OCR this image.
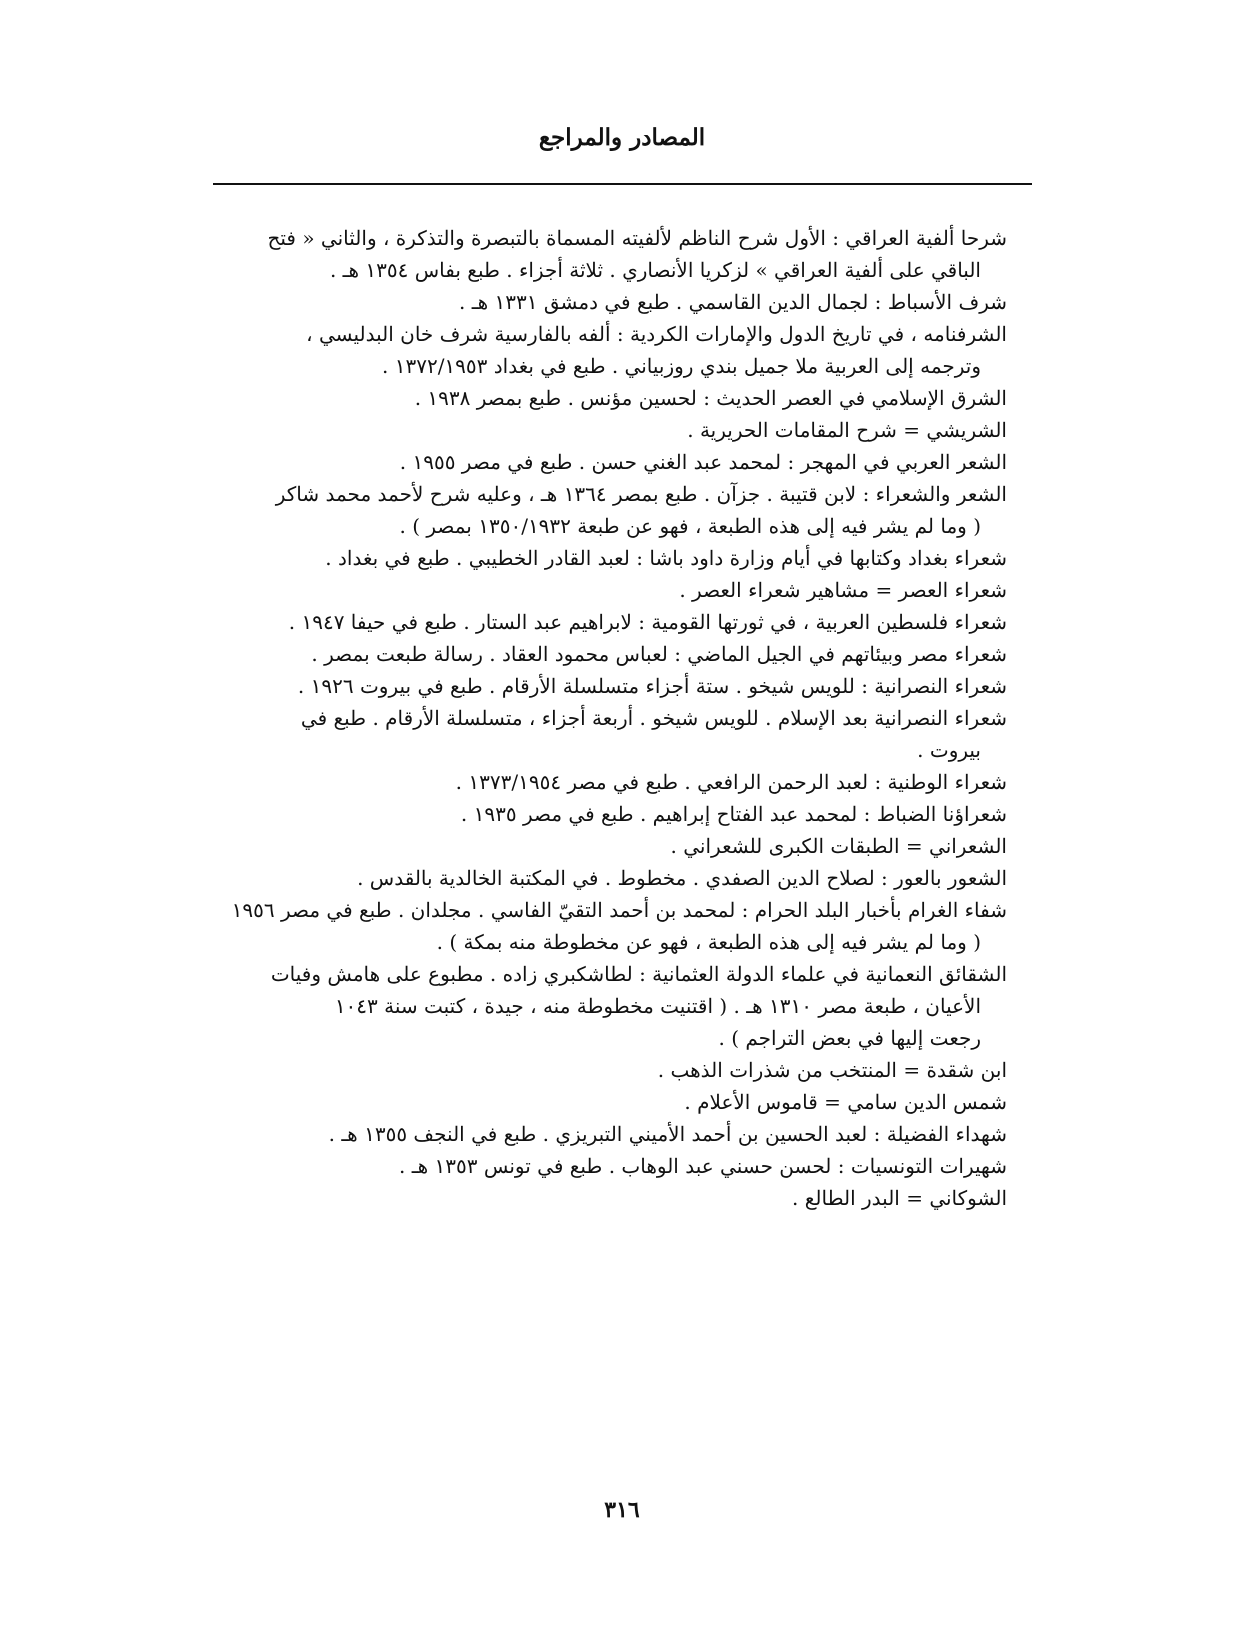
المصادر والمراجع
شرحا ألفية العراقي : الأول شرح الناظم لألفيته المسماة بالتبصرة والتذكرة ، والثاني « فتح
الباقي على ألفية العراقي » لزكريا الأنصاري . ثلاثة أجزاء . طبع بفاس ١٣٥٤ هـ .
شرف الأسباط : لجمال الدين القاسمي . طبع في دمشق ١٣٣١ هـ .
الشرفنامه ، في تاريخ الدول والإمارات الكردية : ألفه بالفارسية شرف خان البدليسي ،
وترجمه إلى العربية ملا جميل بندي روزبياني . طبع في بغداد ١٣٧٢/١٩٥٣ .
الشرق الإسلامي في العصر الحديث : لحسين مؤنس . طبع بمصر ١٩٣٨ .
الشريشي = شرح المقامات الحريرية .
الشعر العربي في المهجر : لمحمد عبد الغني حسن . طبع في مصر ١٩٥٥ .
الشعر والشعراء : لابن قتيبة . جزآن . طبع بمصر ١٣٦٤ هـ ، وعليه شرح لأحمد محمد شاكر
( وما لم يشر فيه إلى هذه الطبعة ، فهو عن طبعة ١٣٥٠/١٩٣٢ بمصر ) .
شعراء بغداد وكتابها في أيام وزارة داود باشا : لعبد القادر الخطيبي . طبع في بغداد .
شعراء العصر = مشاهير شعراء العصر .
شعراء فلسطين العربية ، في ثورتها القومية : لابراهيم عبد الستار . طبع في حيفا ١٩٤٧ .
شعراء مصر وبيئاتهم في الجيل الماضي : لعباس محمود العقاد . رسالة طبعت بمصر .
شعراء النصرانية : للويس شيخو . ستة أجزاء متسلسلة الأرقام . طبع في بيروت ١٩٢٦ .
شعراء النصرانية بعد الإسلام . للويس شيخو . أربعة أجزاء ، متسلسلة الأرقام . طبع في
بيروت .
شعراء الوطنية : لعبد الرحمن الرافعي . طبع في مصر ١٣٧٣/١٩٥٤ .
شعراؤنا الضباط : لمحمد عبد الفتاح إبراهيم . طبع في مصر ١٩٣٥ .
الشعراني = الطبقات الكبرى للشعراني .
الشعور بالعور : لصلاح الدين الصفدي . مخطوط . في المكتبة الخالدية بالقدس .
شفاء الغرام بأخبار البلد الحرام : لمحمد بن أحمد التقيّ الفاسي . مجلدان . طبع في مصر ١٩٥٦
( وما لم يشر فيه إلى هذه الطبعة ، فهو عن مخطوطة منه بمكة ) .
الشقائق النعمانية في علماء الدولة العثمانية : لطاشكبري زاده . مطبوع على هامش وفيات
الأعيان ، طبعة مصر ١٣١٠ هـ . ( اقتنيت مخطوطة منه ، جيدة ، كتبت سنة ١٠٤٣
رجعت إليها في بعض التراجم ) .
ابن شقدة = المنتخب من شذرات الذهب .
شمس الدين سامي = قاموس الأعلام .
شهداء الفضيلة : لعبد الحسين بن أحمد الأميني التبريزي . طبع في النجف ١٣٥٥ هـ .
شهيرات التونسيات : لحسن حسني عبد الوهاب . طبع في تونس ١٣٥٣ هـ .
الشوكاني = البدر الطالع .
٣١٦
